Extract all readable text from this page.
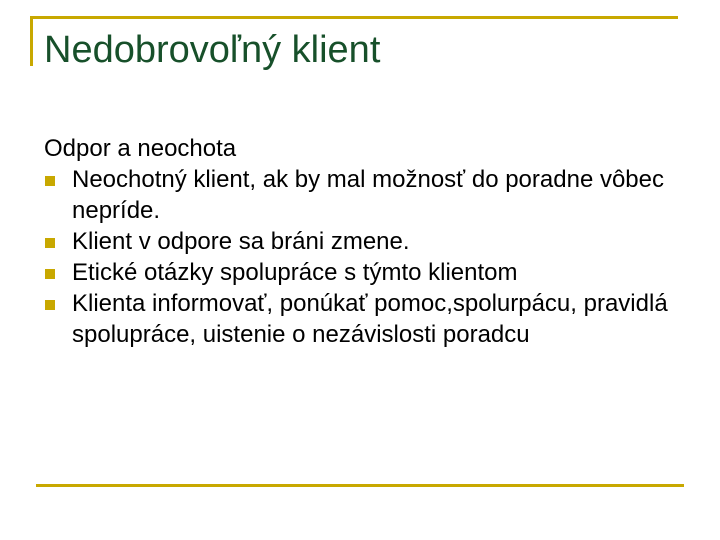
Nedobrovoľný klient

Odpor a neochota

Neochotný klient, ak by mal možnosť do poradne vôbec nepríde.
Klient v odpore sa bráni zmene.
Etické otázky spolupráce s týmto klientom
Klienta informovať, ponúkať pomoc,spolurpácu, pravidlá spolupráce, uistenie o nezávislosti poradcu
